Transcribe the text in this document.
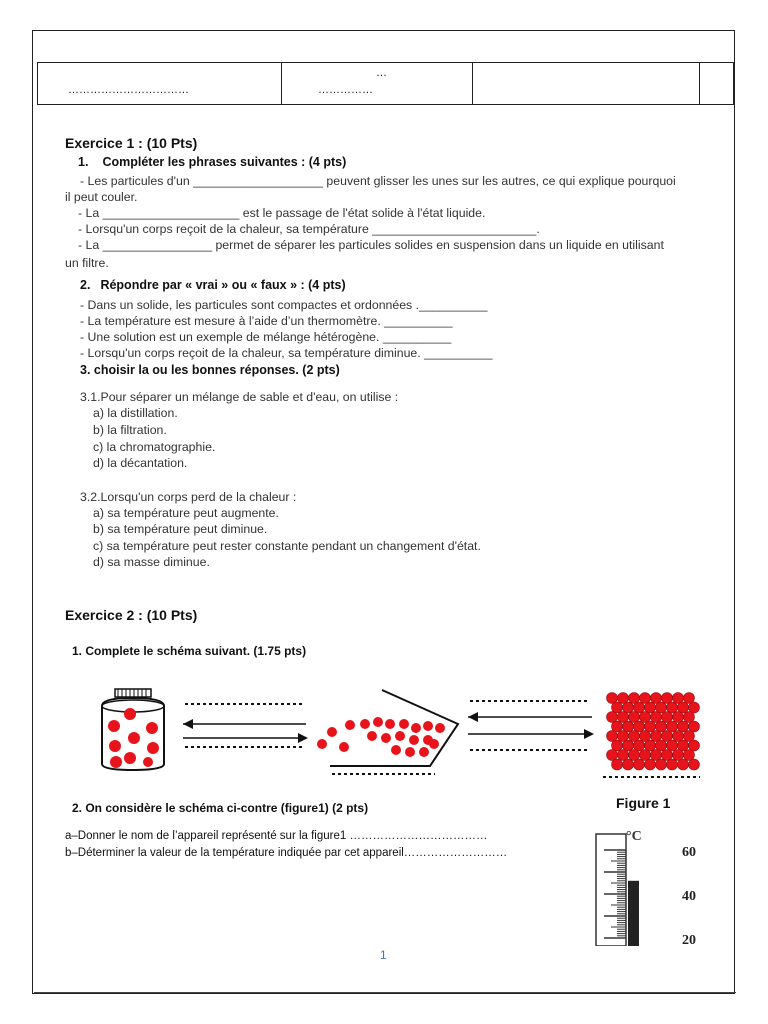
……………………………	
…
……………		
Exercice 1 : (10 Pts)
1. Compléter les phrases suivantes : (4 pts)
- Les particules d'un ___________________ peuvent glisser les unes sur les autres, ce qui explique pourquoi
il peut couler.
- La ____________________ est le passage de l'état solide à l'état liquide.
- Lorsqu'un corps reçoit de la chaleur, sa température ________________________.
- La ________________ permet de séparer les particules solides en suspension dans un liquide en utilisant
un filtre.
2. Répondre par « vrai » ou « faux » : (4 pts)
- Dans un solide, les particules sont compactes et ordonnées .__________
- La température est mesure à l’aide d’un thermomètre. __________
- Une solution est un exemple de mélange hétérogène. __________
- Lorsqu'un corps reçoit de la chaleur, sa température diminue. __________
3. choisir la ou les bonnes réponses. (2 pts)
3.1.Pour séparer un mélange de sable et d'eau, on utilise :
a) la distillation.
b) la filtration.
c) la chromatographie.
d) la décantation.
3.2.Lorsqu'un corps perd de la chaleur :
a) sa température peut augmente.
b) sa température peut diminue.
c) sa température peut rester constante pendant un changement d'état.
d) sa masse diminue.
Exercice 2 : (10 Pts)
1. Complete le schéma suivant. (1.75 pts)
Figure 1
2. On considère le schéma ci-contre (figure1) (2 pts)
a–Donner le nom de l’appareil représenté sur la figure1 ………………………………
b–Déterminer la valeur de la température indiquée par cet appareil………………………
°C
60
40
20
1
